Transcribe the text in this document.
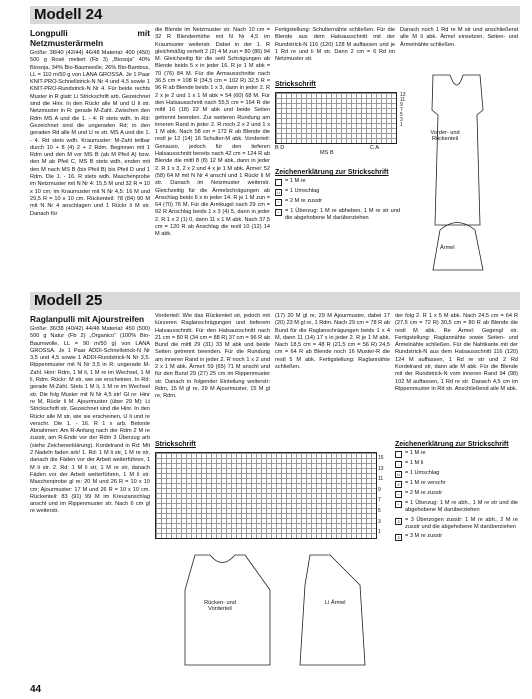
Modell 24
Longpulli mit Netzmusterärmeln

Größe: 38/40 (42/44) 46/48 Material: 400 (450) 500 g Rosé meliert (Fb 3) „Biosoja“ 40% Biosoja, 34% Bio-Baumwolle, 26% Bio-Bambus, LL = 110 m/50 g von LANA GROSSA. Je 1 Paar KNIT-PRO-Schnellstrick-N Nr 4 und 4,5 sowie 1 KNIT-PRO-Rundstrick-N Nr 4. Für beide rechts Muster in R glatt: Li Strickschrift arb. Gezeichnet sind die Hinr. In den Rückr alle M und U li str. Netzmuster in R: gerade M-Zahl. Zwischen den Rdm MS A und die 1. - 4. R stets wdh. In Rd: Gezeichnet sind die ungeraden Rd; in den geraden Rd alle M und U re str. MS A und die 1. - 4. Rd stets wdh. Kraumuster: M-Zahl teilbar durch 10 + 8 (4) 2 + 2 Rdm. Beginnen mit 1 Rdm und den M vor MS B (ab M Pfeil A) bzw. den M ab Pfeil C, MS B stets wdh, enden mit den M nach MS B (bis Pfeil B) bis Pfeil D und 1 Rdm. Die 1. - 16. R stets wdh. Maschenprobe im Netzmuster mit N Nr 4: 15,5 M und 32 R = 10 x 10 cm; im Kraumuster mit N Nr 4,5: 16 M und 29,5 R = 10 x 10 cm. Rückenteil: 78 (84) 90 M mit N Nr 4 anschlagen und 1 Rückr li M str. Danach für

die Blende im Netzmuster str. Nach 10 cm = 32 R Blendenhöhe mit N Nr 4,5 im Kraumuster weiterstr. Dabei in der 1. R gleichmäßig verteilt 2 (2) 4 M zun = 80 (86) 94 M. Gleichzeitig für die seitl Schrägungen ab Blende beids 5 x in jeder 16. R je 1 M abk = 70 (76) 84 M. Für die Armausschnitte nach 36,5 cm = 108 R (34,5 cm = 102 R) 32,5 R = 96 R ab Blende beids 1 x 3, dann in jeder 2. R 2 x je 2 und 1 x 1 M abk = 54 (60) 68 M. Für den Halsausschnitt nach 55,5 cm = 164 R die mittl 16 (18) 22 M abk und beide Seiten getrennt beenden. Zur weiteren Rundung am inneren Rand in jeder 2. R noch 2 x 2 und 1 x 1 M abk. Nach 58 cm = 172 R ab Blende die restl je 12 (14) 16 Schulter-M abk. Vorderteil: Genauso, jedoch für den tieferen Halsausschnitt bereits nach 42 cm = 124 R ab Blende die mittl 8 (8) 12 M abk, dann in jeder 2. R 1 x 3, 2 x 2 und 4 x je 1 M abk. Ärmel: 52 (58) 64 M mit N Nr 4 anschl und 1 Rückr li M str. Danach im Netzmuster weiterstr. Gleichzeitig für die Ärmelschrägungen ab Anschlag beids 6 x in jeder 14. R je 1 M zun = 64 (70) 76 M. Für die Armkugel nach 29 cm = 92 R Anschlag beids 1 x 3 (4) 5, dann in jeder 2. R 1 x 2 (1) 0, dann 11 x 1 M abk. Nach 37,5 cm = 120 R ab Anschlag die restl 10 (12) 14 M abk.

Fertigstellung: Schulternähte schließen. Für die Blende aus dem Halsausschnitt mit der Rundstrick-N 116 (120) 128 M auffassen und je 1 Rd re und li M str. Dann 2 cm = 6 Rd im Netzmuster str.

Danach noch 1 Rd re M str und anschließend alle M li abk. Ärmel einsetzen, Seiten- und Ärmelnähte schließen.

Strickschrift
B D
MS B
C A
13
11
9
7
5
3
1
Zeichenerklärung zur Strickschrift
= 1 M re
U = 1 Umschlag
^ = 2 M re zusstr
^ = 1 Überzug: 1 M re abheben, 1 M re str und die abgehobene M darüberziehen
Vorder- und Rückenteil
Ärmel
Modell 25
Raglanpulli mit Ajourstreifen

Größe: 36/38 (40/42) 44/46 Material: 450 (500) 500 g Natur (Fb 2) „Organico“ (100% Bio-Baumwolle, LL = 90 m/50 g) von LANA GROSSA. Je 1 Paar ADDI-Schnellstrick-N Nr 3,5 und 4,5 sowie 1 ADDI-Rundstrick-N Nr 3,5. Rippenmuster mit N Nr 3,5 in R: ungerade M-Zahl. Hinr: Rdm, 1 M li, 1 M re im Wechsel, 1 M li, Rdm. Rückr: M str, wie sie erscheinen. In Rd: gerade M-Zahl. Stets 1 M li, 1 M re im Wechsel str. Die folg Muster mit N Nr 4,5 str! Gl re: Hinr re M, Rückr li M. Ajourmuster (über 29 M): Lt Strickschrift str. Gezeichnet sind die Hinr. In den Rückr alle M str, wie sie erscheinen, U li und re verschr. Die 1. - 16. R 1 x arb. Betonte Abnahmen: Am R-Anfang nach der Rdm 2 M re zusstr, am R-Ende vor der Rdm 3 Überzug arb (siehe Zeichenerklärung). Kordelrand in Rd: Mit 2 Nadeln faden arb! 1. Rd: 1 M li str, 1 M re str, danach die Fäden vor der Arbeit weiterführen, 1 M li str. 2. Rd: 1 M li str, 1 M re str, danach Fäden vor der Arbeit weiterführen, 1 M li str. Maschenprobe gl re: 20 M und 26 R = 10 x 10 cm; Ajourmuster: 17 M und 26 R = 10 x 10 cm. Rückenteil: 83 (91) 99 M im Kreuzanschlag anschl und im Rippenmuster str. Nach 6 cm gl re weiterstr.

Vorderteil: Wie das Rückenteil str, jedoch mit kürzeren Raglanschrägungen und tieferem Halsausschnitt. Für den Halsausschnitt nach 21 cm = 80 R (34 cm = 88 R) 37 cm = 96 R ab Bund die mittl 29 (31) 33 M abk und beide Seiten getrennt beenden. Für die Rundung am inneren Rand in jeder 2. R noch 1 x 2 und 2 x 1 M abk. Ärmel: 59 (65) 71 M anschl und für den Bund 29 (27) 25 cm im Rippenmuster str. Danach in folgender Einteilung weiterstr: Rdm, 15 M gl re, 29 M Ajourmuster, 15 M gl re, Rdm.

(17) 20 M gl re, 29 M Ajourmuster, dabei 17 (20) 23 M gl re, 1 Rdm. Nach 29 cm = 78 R ab Bund für die Raglanschrägungen beids 1 x 4 M, dann 11 (14) 17 x in jeder 2. R je 1 M abk. Nach 18,5 cm = 48 R (21,5 cm = 56 R) 24,5 cm = 64 R ab Blende noch 16 Muster-R die restl 5 M abk. Fertigstellung: Raglannähte schließen.

der folg 2. R 1 x 5 M abk. Nach 24,5 cm = 64 R (27,5 cm = 72 R) 30,5 cm = 80 R ab Blende die restl M abk. Re Ärmel: Gegengl str. Fertigstellung: Raglannähte sowie Seiten- und Ärmelnähte schließen. Für die Nahtkante mit der Rundstrick-N aus dem Halsausschnitt 116 (120) 124 M auffassen, 1 Rd re str und 2 Rd Kordelrand str, dann alle M abk. Für die Blende mit der Rundstrick-N vom inneren Rand 94 (98) 102 M auffassen, 1 Rd re str. Danach 4,5 cm im Rippenmuster in Rd str. Anschließend alle M abk.

Strickschrift
15
13
11
9
7
5
3
1
Zeichenerklärung zur Strickschrift
= 1 M re
-	= 1 M li
U = 1 Umschlag
2 = 1 M re verschr
^ = 2 M re zusstr
^ = 1 Überzug: 1 M re abh., 1 M re str und die abgehobene M darüberziehen
3 = 3 Überzogen zusstr: 1 M re abh., 2 M re zusstr und die abgehobene M darüberziehen
3 = 3 M re zusstr
Rücken- und Vorderteil
Li Ärmel
44
